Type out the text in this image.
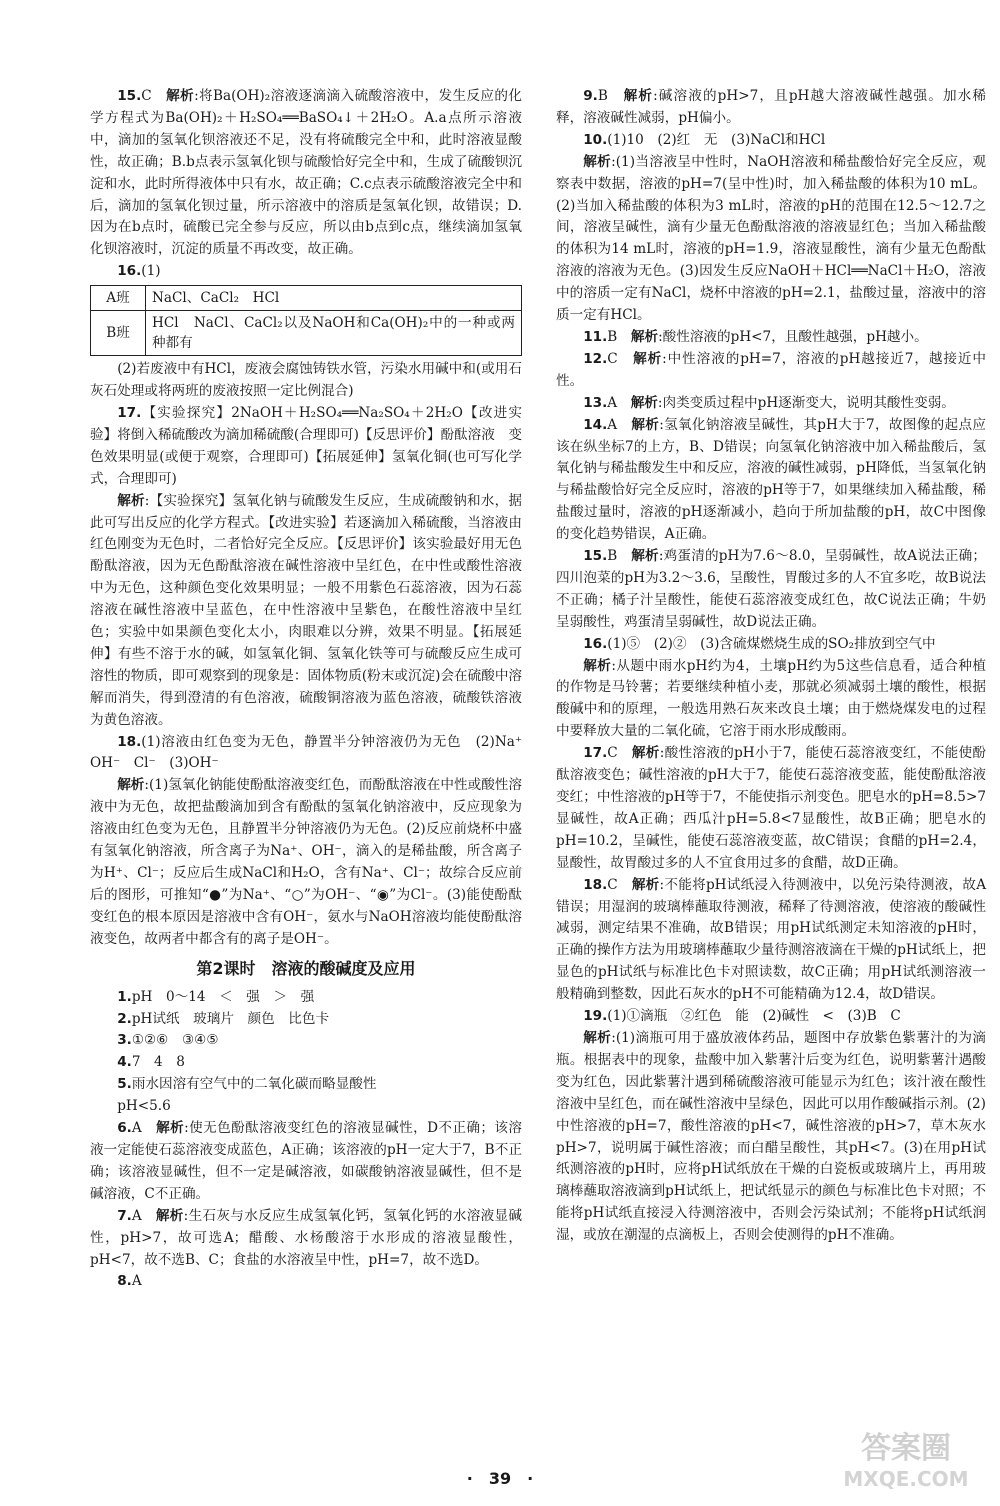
15.C　 解析:将Ba(OH)₂溶液逐滴滴入硫酸溶液中，发生反应的化学方程式为Ba(OH)₂＋H₂SO₄══BaSO₄↓＋2H₂O。A.a点所示溶液中，滴加的氢氧化钡溶液还不足，没有将硫酸完全中和，此时溶液显酸性，故正确；B.b点表示氢氧化钡与硫酸恰好完全中和，生成了硫酸钡沉淀和水，此时所得液体中只有水，故正确；C.c点表示硫酸溶液完全中和后，滴加的氢氧化钡过量，所示溶液中的溶质是氢氧化钡，故错误；D.因为在b点时，硫酸已完全参与反应，所以由b点到c点，继续滴加氢氧化钡溶液时，沉淀的质量不再改变，故正确。

16.(1)

A班	NaCl、CaCl₂　HCl
B班	HCl　NaCl、CaCl₂以及NaOH和Ca(OH)₂中的一种或两种都有

(2)若废液中有HCl，废液会腐蚀铸铁水管，污染水用碱中和(或用石灰石处理或将两班的废液按照一定比例混合)

17.【实验探究】2NaOH＋H₂SO₄══Na₂SO₄＋2H₂O【改进实验】将倒入稀硫酸改为滴加稀硫酸(合理即可)【反思评价】酚酞溶液　变色效果明显(或便于观察，合理即可)【拓展延伸】氢氧化铜(也可写化学式，合理即可)

解析:【实验探究】氢氧化钠与硫酸发生反应，生成硫酸钠和水，据此可写出反应的化学方程式。【改进实验】若逐滴加入稀硫酸，当溶液由红色刚变为无色时，二者恰好完全反应。【反思评价】该实验最好用无色酚酞溶液，因为无色酚酞溶液在碱性溶液中呈红色，在中性或酸性溶液中为无色，这种颜色变化效果明显；一般不用紫色石蕊溶液，因为石蕊溶液在碱性溶液中呈蓝色，在中性溶液中呈紫色，在酸性溶液中呈红色；实验中如果颜色变化太小，肉眼难以分辨，效果不明显。【拓展延伸】有些不溶于水的碱，如氢氧化铜、氢氧化铁等可与硫酸反应生成可溶性的物质，即可观察到的现象是：固体物质(粉末或沉淀)会在硫酸中溶解而消失，得到澄清的有色溶液，硫酸铜溶液为蓝色溶液，硫酸铁溶液为黄色溶液。

18.(1)溶液由红色变为无色，静置半分钟溶液仍为无色　(2)Na⁺　OH⁻　Cl⁻　(3)OH⁻

解析:(1)氢氧化钠能使酚酞溶液变红色，而酚酞溶液在中性或酸性溶液中为无色，故把盐酸滴加到含有酚酞的氢氧化钠溶液中，反应现象为溶液由红色变为无色，且静置半分钟溶液仍为无色。(2)反应前烧杯中盛有氢氧化钠溶液，所含离子为Na⁺、OH⁻，滴入的是稀盐酸，所含离子为H⁺、Cl⁻；反应后生成NaCl和H₂O，含有Na⁺、Cl⁻；故综合反应前后的图形，可推知“●”为Na⁺、“○”为OH⁻、“◉”为Cl⁻。(3)能使酚酞变红色的根本原因是溶液中含有OH⁻，氨水与NaOH溶液均能使酚酞溶液变色，故两者中都含有的离子是OH⁻。

第2课时　溶液的酸碱度及应用

1.pH　0～14　＜　强　＞　强

2.pH试纸　玻璃片　颜色　比色卡

3.①②⑥　③④⑤

4.7　4　8

5.雨水因溶有空气中的二氧化碳而略显酸性

pH<5.6

6.A　 解析:使无色酚酞溶液变红色的溶液显碱性，D不正确；该溶液一定能使石蕊溶液变成蓝色，A正确；该溶液的pH一定大于7，B不正确；该溶液显碱性，但不一定是碱溶液，如碳酸钠溶液显碱性，但不是碱溶液，C不正确。

7.A　 解析:生石灰与水反应生成氢氧化钙，氢氧化钙的水溶液显碱性，pH>7，故可选A；醋酸、水杨酸溶于水形成的溶液显酸性，pH<7，故不选B、C；食盐的水溶液呈中性，pH=7，故不选D。

8.A

9.B　 解析:碱溶液的pH>7，且pH越大溶液碱性越强。加水稀释，溶液碱性减弱，pH偏小。

10.(1)10　(2)红　无　(3)NaCl和HCl

解析:(1)当溶液呈中性时，NaOH溶液和稀盐酸恰好完全反应，观察表中数据，溶液的pH=7(呈中性)时，加入稀盐酸的体积为10 mL。(2)当加入稀盐酸的体积为3 mL时，溶液的pH的范围在12.5～12.7之间，溶液呈碱性，滴有少量无色酚酞溶液的溶液显红色；当加入稀盐酸的体积为14 mL时，溶液的pH=1.9，溶液显酸性，滴有少量无色酚酞溶液的溶液为无色。(3)因发生反应NaOH＋HCl══NaCl＋H₂O，溶液中的溶质一定有NaCl，烧杯中溶液的pH=2.1，盐酸过量，溶液中的溶质一定有HCl。

11.B　 解析:酸性溶液的pH<7，且酸性越强，pH越小。

12.C　 解析:中性溶液的pH=7，溶液的pH越接近7，越接近中性。

13.A　 解析:肉类变质过程中pH逐渐变大，说明其酸性变弱。

14.A　 解析:氢氧化钠溶液呈碱性，其pH大于7，故图像的起点应该在纵坐标7的上方，B、D错误；向氢氧化钠溶液中加入稀盐酸后，氢氧化钠与稀盐酸发生中和反应，溶液的碱性减弱，pH降低，当氢氧化钠与稀盐酸恰好完全反应时，溶液的pH等于7，如果继续加入稀盐酸，稀盐酸过量时，溶液的pH逐渐减小，趋向于所加盐酸的pH，故C中图像的变化趋势错误，A正确。

15.B　 解析:鸡蛋清的pH为7.6～8.0，呈弱碱性，故A说法正确；四川泡菜的pH为3.2～3.6，呈酸性，胃酸过多的人不宜多吃，故B说法不正确；橘子汁呈酸性，能使石蕊溶液变成红色，故C说法正确；牛奶呈弱酸性，鸡蛋清呈弱碱性，故D说法正确。

16.(1)⑤　(2)②　(3)含硫煤燃烧生成的SO₂排放到空气中

解析:从题中雨水pH约为4，土壤pH约为5这些信息看，适合种植的作物是马铃薯；若要继续种植小麦，那就必须减弱土壤的酸性，根据酸碱中和的原理，一般选用熟石灰来改良土壤；由于燃烧煤发电的过程中要释放大量的二氧化硫，它溶于雨水形成酸雨。

17.C　 解析:酸性溶液的pH小于7，能使石蕊溶液变红，不能使酚酞溶液变色；碱性溶液的pH大于7，能使石蕊溶液变蓝，能使酚酞溶液变红；中性溶液的pH等于7，不能使指示剂变色。肥皂水的pH=8.5>7显碱性，故A正确；西瓜汁pH=5.8<7显酸性，故B正确；肥皂水的pH=10.2，呈碱性，能使石蕊溶液变蓝，故C错误；食醋的pH=2.4，显酸性，故胃酸过多的人不宜食用过多的食醋，故D正确。

18.C　 解析:不能将pH试纸浸入待测液中，以免污染待测液，故A错误；用湿润的玻璃棒蘸取待测液，稀释了待测溶液，使溶液的酸碱性减弱，测定结果不准确，故B错误；用pH试纸测定未知溶液的pH时，正确的操作方法为用玻璃棒蘸取少量待测溶液滴在干燥的pH试纸上，把显色的pH试纸与标准比色卡对照读数，故C正确；用pH试纸测溶液一般精确到整数，因此石灰水的pH不可能精确为12.4，故D错误。

19.(1)①滴瓶　②红色　能　(2)碱性　<　(3)B　C

解析:(1)滴瓶可用于盛放液体药品，题图中存放紫色紫薯汁的为滴瓶。根据表中的现象，盐酸中加入紫薯汁后变为红色，说明紫薯汁遇酸变为红色，因此紫薯汁遇到稀硫酸溶液可能显示为红色；该汁液在酸性溶液中呈红色，而在碱性溶液中呈绿色，因此可以用作酸碱指示剂。(2)中性溶液的pH=7，酸性溶液的pH<7，碱性溶液的pH>7，草木灰水pH>7，说明属于碱性溶液；而白醋呈酸性，其pH<7。(3)在用pH试纸测溶液的pH时，应将pH试纸放在干燥的白瓷板或玻璃片上，再用玻璃棒蘸取溶液滴到pH试纸上，把试纸显示的颜色与标准比色卡对照；不能将pH试纸直接浸入待测溶液中，否则会污染试剂；不能将pH试纸润湿，或放在潮湿的点滴板上，否则会使测得的pH不准确。

·　39　·
答案圈
MXQE.COM
